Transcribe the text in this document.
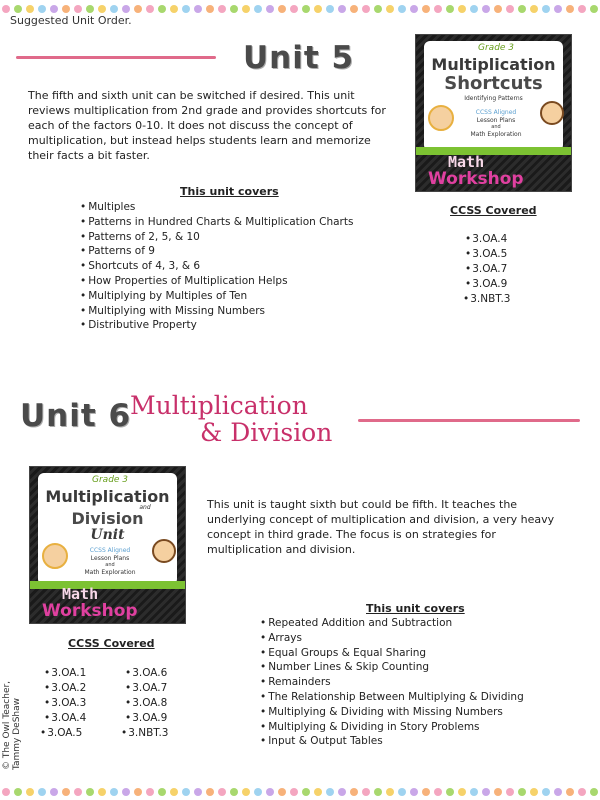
Suggested Unit Order.
Unit 5
The fifth and sixth unit can be switched if desired. This unit
reviews multiplication from 2nd grade and provides shortcuts for
each of the factors 0-10. It does not discuss the concept of
multiplication, but instead helps students learn and memorize
their facts a bit faster.
This unit covers
• Multiples
• Patterns in Hundred Charts & Multiplication Charts
• Patterns of 2, 5, & 10
• Patterns of 9
• Shortcuts of 4, 3, & 6
• How Properties of Multiplication Helps
• Multiplying by Multiples of Ten
• Multiplying with Missing Numbers
• Distributive Property
Grade 3
Multiplication
Shortcuts
Identifying Patterns
CCSS Aligned
Lesson Plans
and
Math Exploration
Math
Workshop
CCSS Covered
• 3.OA.4
• 3.OA.5
• 3.OA.7
• 3.OA.9
• 3.NBT.3
Unit 6
Multiplication
& Division
Grade 3
Multiplication
and
Division
Unit
CCSS Aligned
Lesson Plans
and
Math Exploration
Math
Workshop
This unit is taught sixth but could be fifth. It teaches the
underlying concept of multiplication and division, a very heavy
concept in third grade. The focus is on strategies for
multiplication and division.
This unit covers
• Repeated Addition and Subtraction
• Arrays
• Equal Groups & Equal Sharing
• Number Lines & Skip Counting
• Remainders
• The Relationship Between Multiplying & Dividing
• Multiplying & Dividing with Missing Numbers
• Multiplying & Dividing in Story Problems
• Input & Output Tables
CCSS Covered
• 3.OA.1
• 3.OA.2
• 3.OA.3
• 3.OA.4
• 3.OA.5
• 3.OA.6
• 3.OA.7
• 3.OA.8
• 3.OA.9
• 3.NBT.3
© The Owl Teacher, Tammy DeShaw
